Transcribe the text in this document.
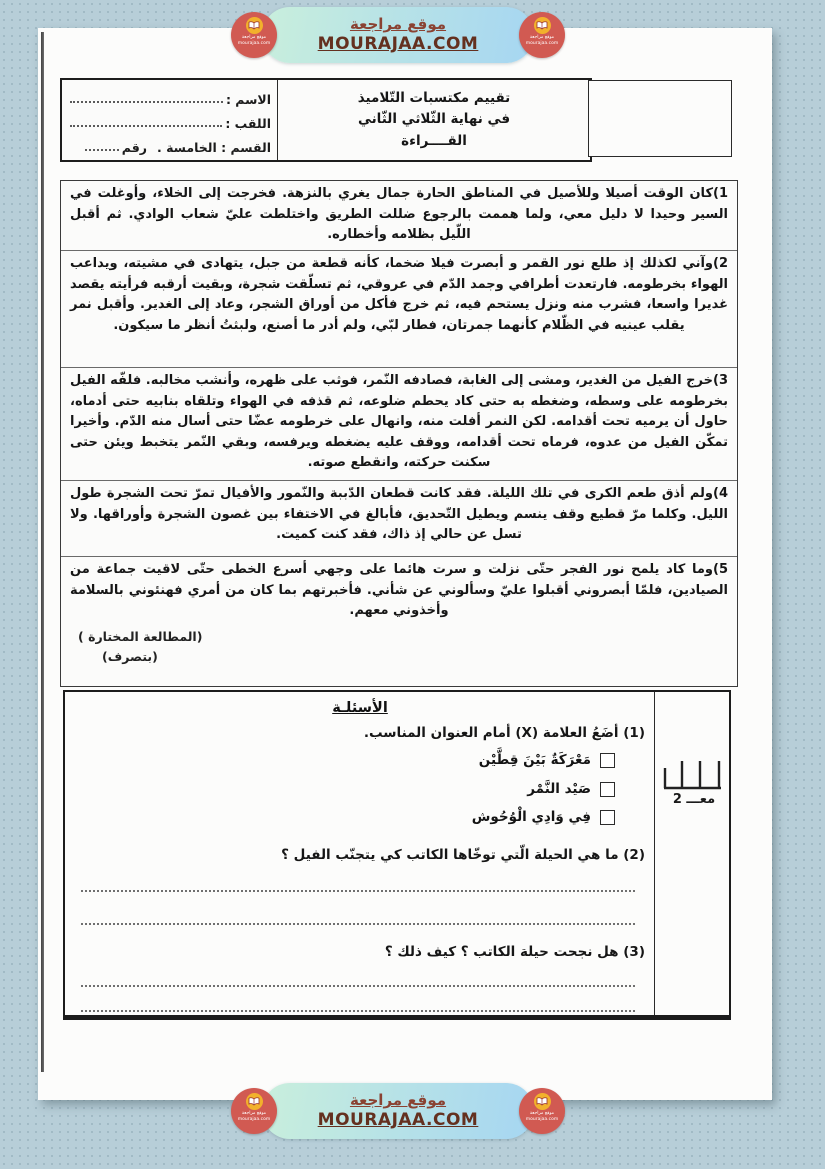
الاسم :
اللقب :
القسم : الخامسة .
رقم
تقييم مكتسبات التّلاميذ
في نهاية الثّلاثي الثّاني
القــــراءة

1)كان الوقت أصيلا وللأصيل في المناطق الحارة جمال يغري بالنزهة. فخرجت إلى الخلاء، وأوغلت في السير وحيدا لا دليل معي، ولما هممت بالرجوع ضللت الطريق واختلطت عليّ شعاب الوادي. ثم أقبل اللّيل بظلامه وأخطاره.

2)وآني لكذلك إذ طلع نور القمر و أبصرت فيلا ضخما، كأنه قطعة من جبل، يتهادى في مشيته، ويداعب الهواء بخرطومه. فارتعدت أطرافي وجمد الدّم في عروقي، ثم تسلّقت شجرة، وبقيت أرقبه فرأيته يقصد غديرا واسعا، فشرب منه ونزل يستحم فيه، ثم خرج فأكل من أوراق الشجر، وعاد إلى الغدير. وأقبل نمر يقلب عينيه في الظّلام كأنهما جمرتان، فطار لبّي، ولم أدر ما أصنع، ولبثتُ أنظر ما سيكون.

3)خرج الفيل من الغدير، ومشى إلى الغابة، فصادفه النّمر، فوثب على ظهره، وأنشب مخالبه. فلفّه الفيل بخرطومه على وسطه، وضغطه به حتى كاد يحطم ضلوعه، ثم قذفه في الهواء وتلقاه بنابيه حتى أدماه، حاول أن يرميه تحت أقدامه. لكن النمر أفلت منه، وانهال على خرطومه عضّا حتى أسال منه الدّم. وأخيرا تمكّن الفيل من عدوه، فرماه تحت أقدامه، ووقف عليه يضغطه ويرفسه، وبقي النّمر يتخبط ويئن حتى سكنت حركته، وانقطع صوته.

4)ولم أذق طعم الكرى في تلك الليلة. فقد كانت قطعان الدّببة والنّمور والأفيال تمرّ تحت الشجرة طول الليل. وكلما مرّ قطيع وقف ينسم ويطيل التّحديق، فأبالغ في الاختفاء بين غصون الشجرة وأوراقها. ولا تسل عن حالي إذ ذاك، فقد كنت كميت.

5)وما كاد يلمح نور الفجر حتّى نزلت و سرت هائما على وجهي أسرع الخطى حتّى لاقيت جماعة من الصيادين، فلمّا أبصروني أقبلوا عليّ وسألوني عن شأني. فأخبرتهم بما كان من أمري فهنئوني بالسلامة وأخذوني معهم.

(المطالعة المختارة )
(بتصرف)
الأسئلـة
(1) أضَعُ العلامة (X) أمام العنوان المناسب.
مَعْرَكَةٌ بَيْنَ قِطَّيْن
صَيْد النَّمْر
فِي وَادِي الْوُحُوش
(2) ما هي الحيلة الّتي توخّاها الكاتب كي يتجنّب الفيل ؟
(3) هل نجحت حيلة الكاتب ؟ كيف ذلك ؟
معـــ 2
موقع مراجعة
mourajaa.com
موقع مراجعة
MOURAJAA.COM	موقع مراجعة
mourajaa.com
موقع مراجعة
mourajaa.com
موقع مراجعة
MOURAJAA.COM	موقع مراجعة
mourajaa.com
